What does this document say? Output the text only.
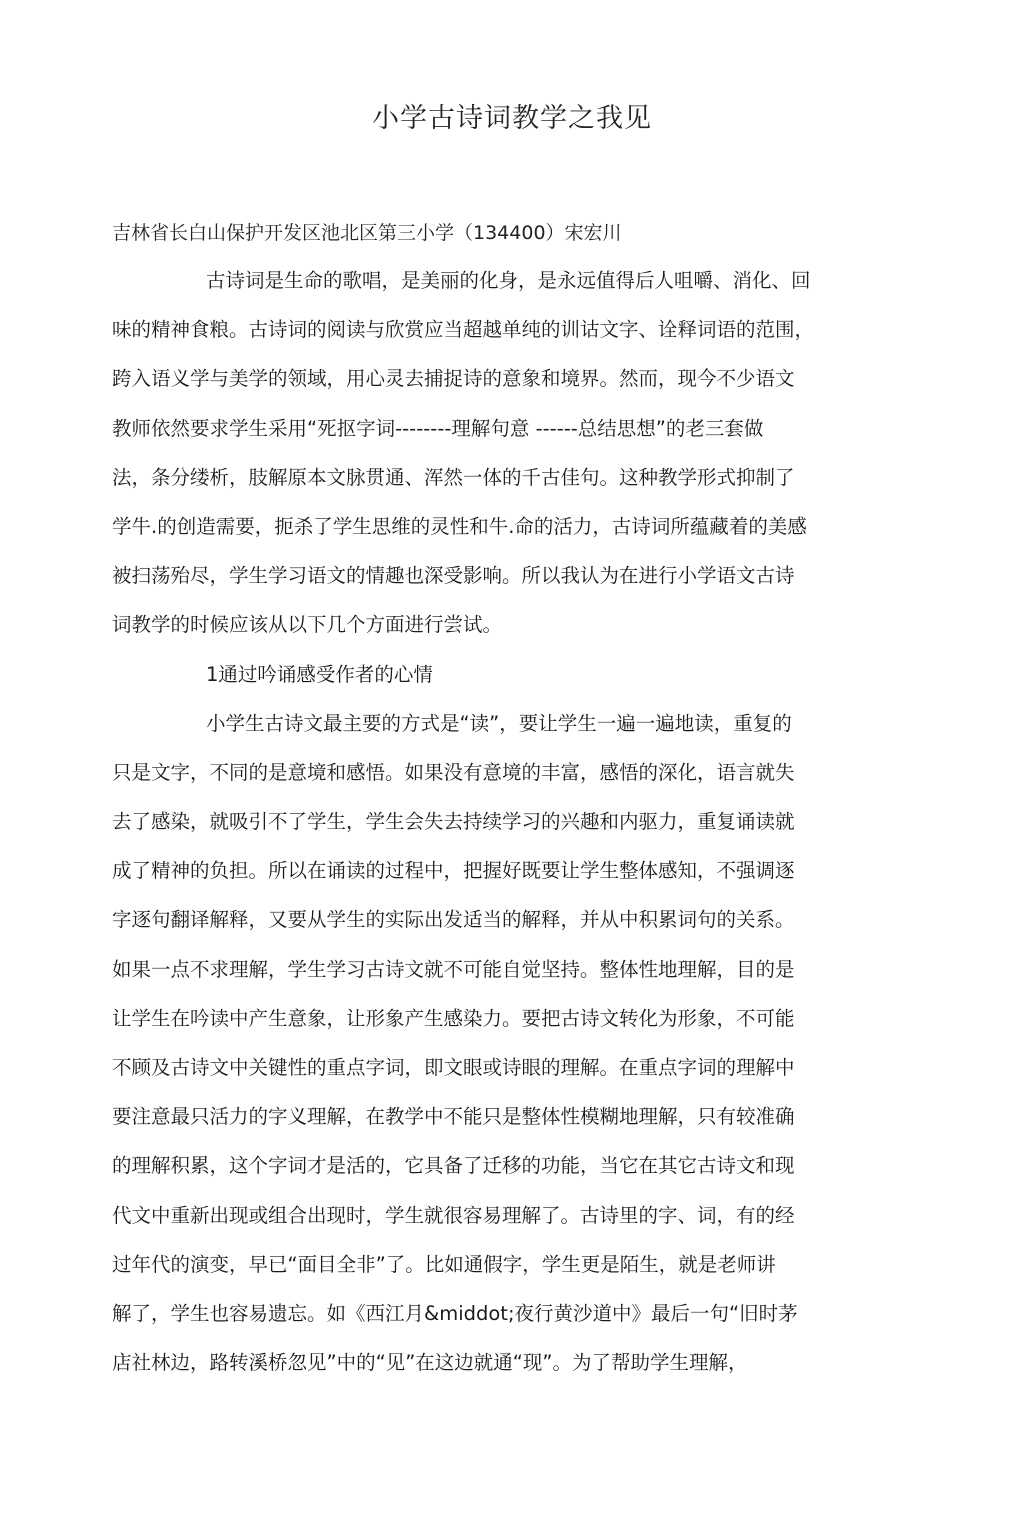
小学古诗词教学之我见
吉林省长白山保护开发区池北区第三小学（134400）宋宏川
古诗词是生命的歌唱，是美丽的化身，是永远值得后人咀嚼、消化、回
味的精神食粮。古诗词的阅读与欣赏应当超越单纯的训诂文字、诠释词语的范围，
跨入语义学与美学的领域，用心灵去捕捉诗的意象和境界。然而，现今不少语文
教师依然要求学生采用“死抠字词--------理解句意 ------总结思想”的老三套做
法，条分缕析，肢解原本文脉贯通、浑然一体的千古佳句。这种教学形式抑制了
学牛.的创造需要，扼杀了学生思维的灵性和牛.命的活力，古诗词所蕴藏着的美感
被扫荡殆尽，学生学习语文的情趣也深受影响。所以我认为在进行小学语文古诗
词教学的时候应该从以下几个方面进行尝试。
1通过吟诵感受作者的心情
小学生古诗文最主要的方式是“读”，要让学生一遍一遍地读，重复的
只是文字，不同的是意境和感悟。如果没有意境的丰富，感悟的深化，语言就失
去了感染，就吸引不了学生，学生会失去持续学习的兴趣和内驱力，重复诵读就
成了精神的负担。所以在诵读的过程中，把握好既要让学生整体感知，不强调逐
字逐句翻译解释，又要从学生的实际出发适当的解释，并从中积累词句的关系。
如果一点不求理解，学生学习古诗文就不可能自觉坚持。整体性地理解，目的是
让学生在吟读中产生意象，让形象产生感染力。要把古诗文转化为形象，不可能
不顾及古诗文中关键性的重点字词，即文眼或诗眼的理解。在重点字词的理解中
要注意最只活力的字义理解，在教学中不能只是整体性模糊地理解，只有较准确
的理解积累，这个字词才是活的，它具备了迁移的功能，当它在其它古诗文和现
代文中重新出现或组合出现时，学生就很容易理解了。古诗里的字、词，有的经
过年代的演变，早已“面目全非”了。比如通假字，学生更是陌生，就是老师讲
解了，学生也容易遗忘。如《西江月&middot;夜行黄沙道中》最后一句“旧时茅
店社林边，路转溪桥忽见”中的“见”在这边就通“现”。为了帮助学生理解，
